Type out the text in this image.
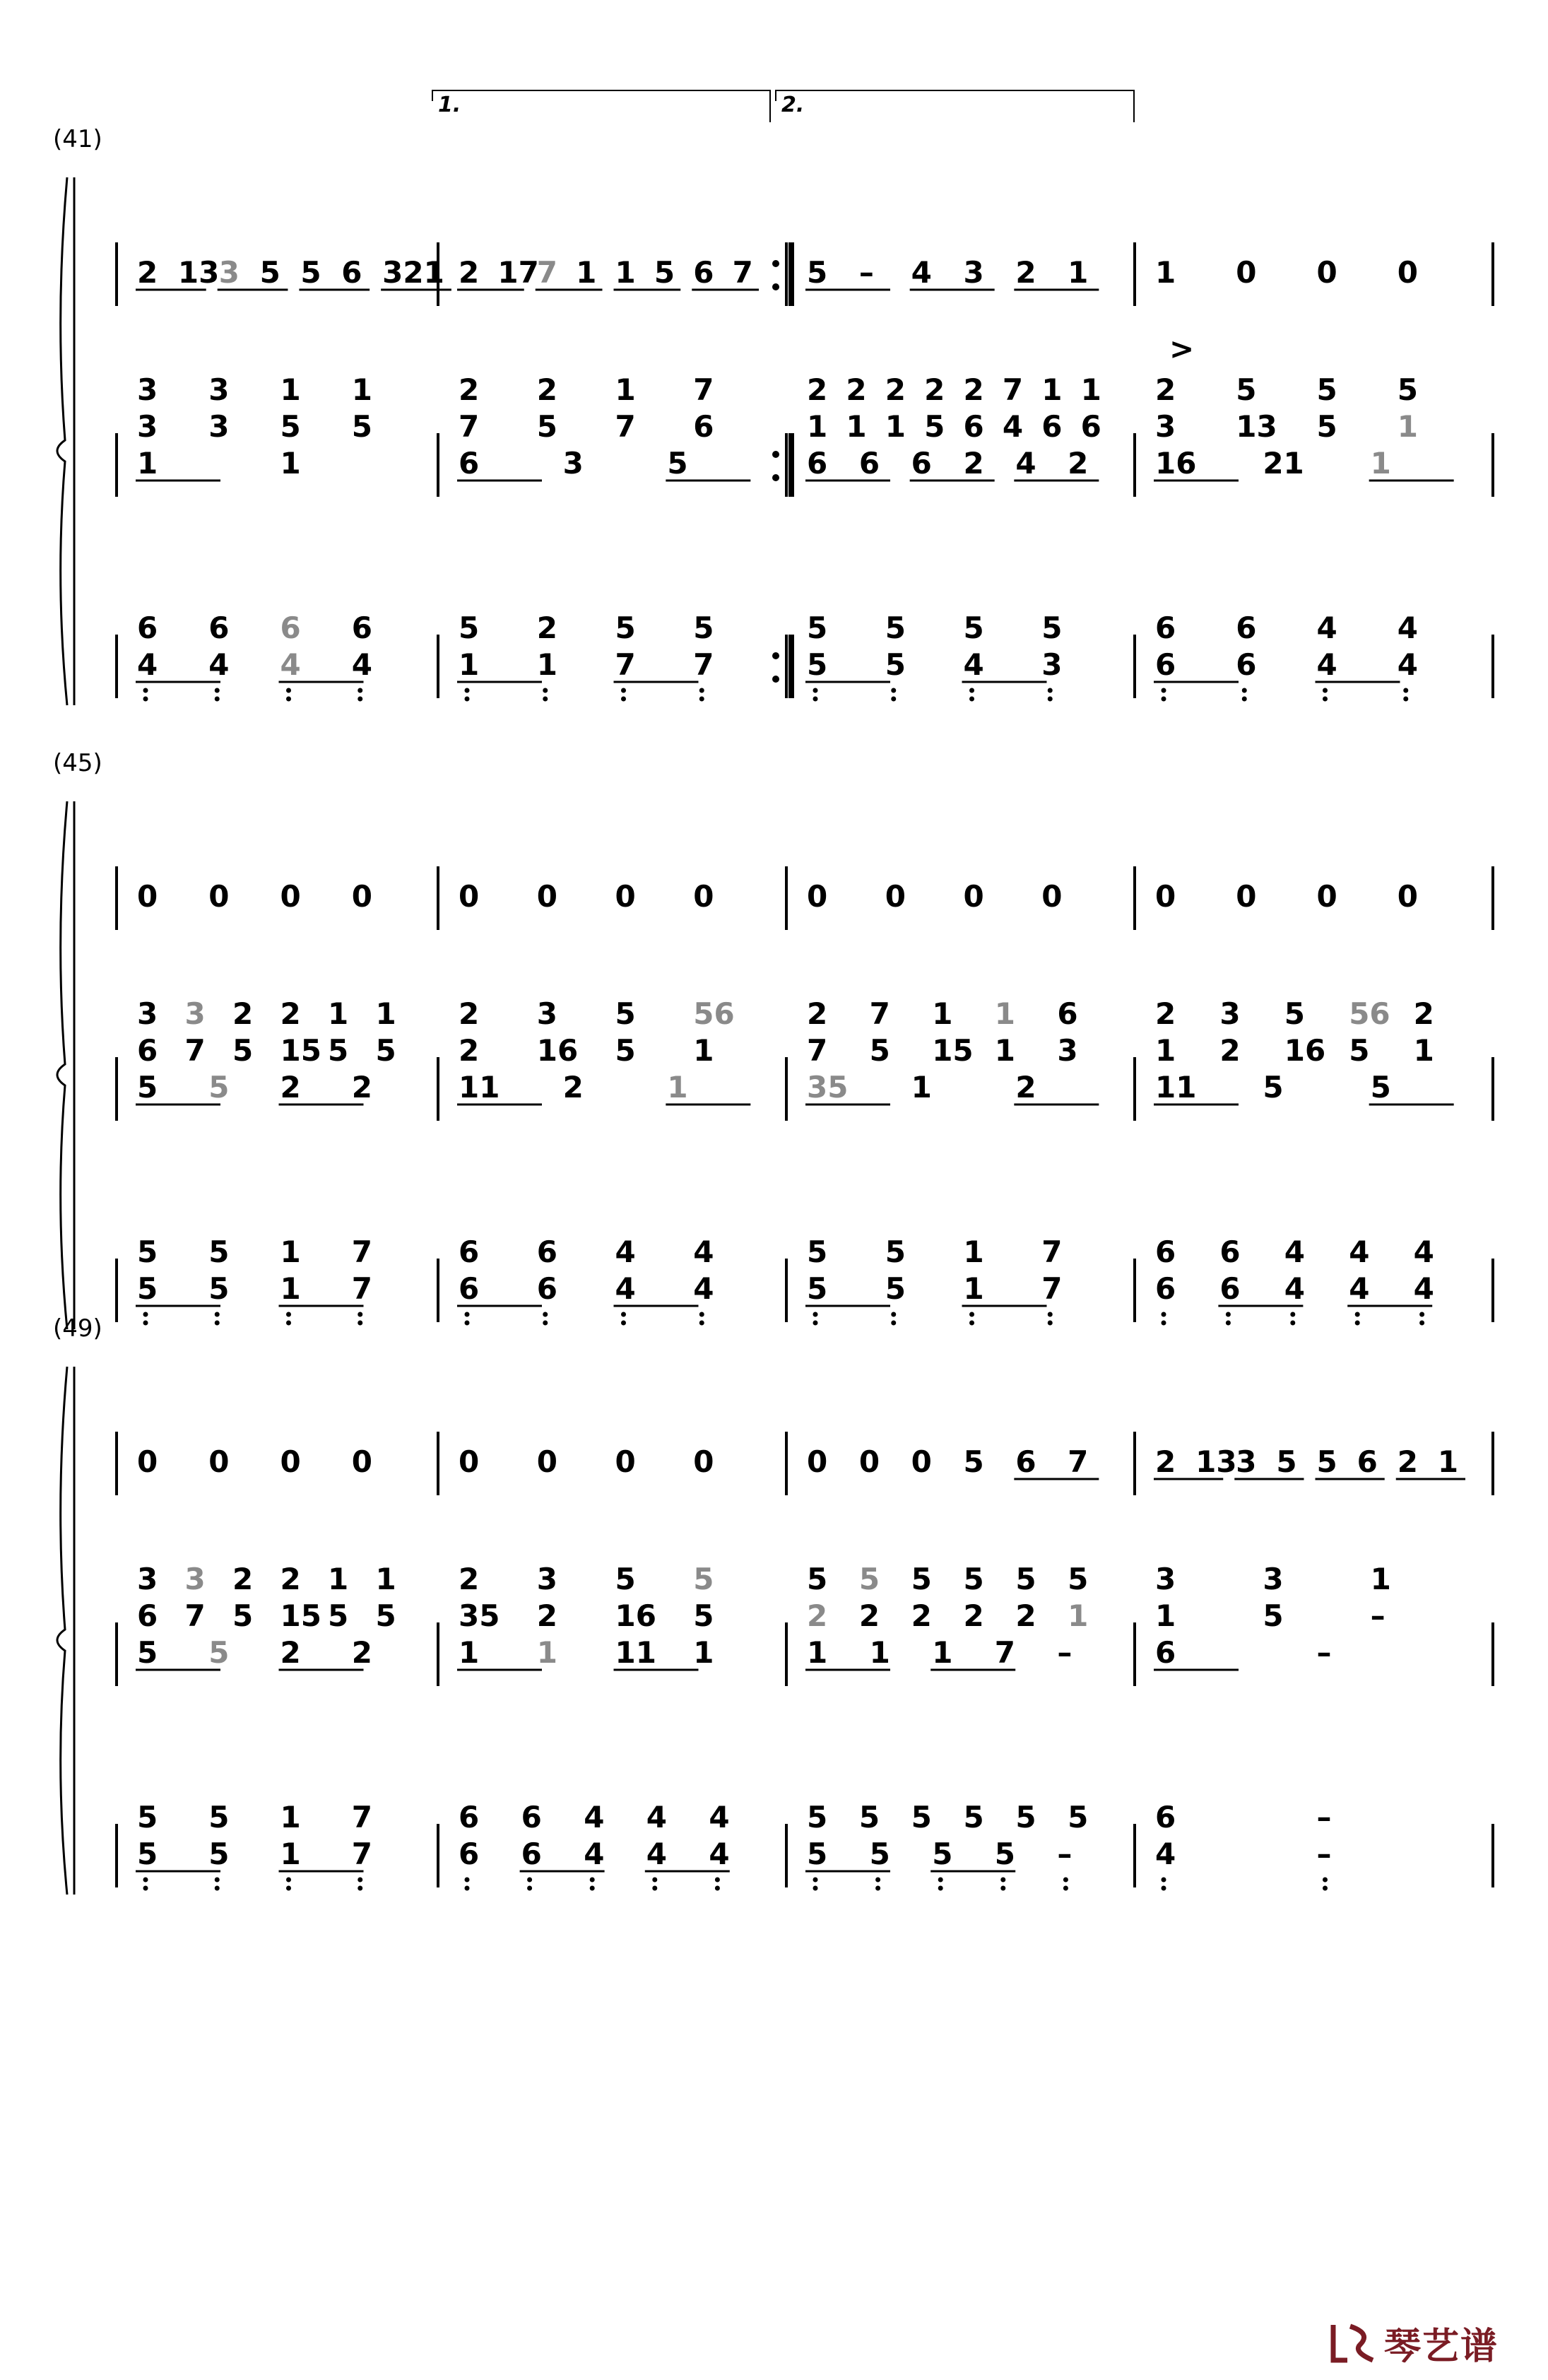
(41)
1.	2.
>
2 13 3 5 5 6 321 2 17
7 1 1 5 6 7 5 – 4 3 2 1 1 0 0 0
3 3 1 1
3 3 5 5
1	1
2 2 1 7
7 5 7 6
6	3	5
2 2 2 2 2 7 1 1
1 1 1 5 6 4 6 6
6 6 6 2 4 2
2 5 5 5
3 13 5 1
16 21 1
6 6 6 6
4 4 4 4
5 2 5 5
1 1 7 7
5 5 5 5
5 5 4 3
6 6 4 4
6 6 4 4
(45)
0 0 0 0	0 0 0 0	0 0 0 0	0 0 0 0
3 3 2 2 1 1
6 7 5 15 5 5
5 5 2 2
2 3 5 56
2 16 5 1
11 2	1
2 7 1 1 6
7 5 15 1 3
35 1	2
2 3 5 56 2
1 2 16 5 1
11 5	5
5 5 1 7
5 5 1 7
6 6 4 4
6 6 4 4
5 5 1 7
5 5 1 7
6 6 4 4 4
6 6 4 4 4
(49)
0 0 0 0	0 0 0 0	0 0 0 5 6 7 2 13
3 5 5 6 2 1
3 3 2 2 1 1
6 7 5 15 5 5
5 5 2 2
2 3 5 5
35 2 16 5
1 1 11 1
5 5 5 5 5 5
2 2 2 2 2 1
1 1 1 7 –
3	3	1
1	5	–
6	–
5 5 1 7
5 5 1 7
6 6 4 4 4
6 6 4 4 4
5 5 5 5 5 5
5 5 5 5 –
6	–
4	–
琴艺谱
